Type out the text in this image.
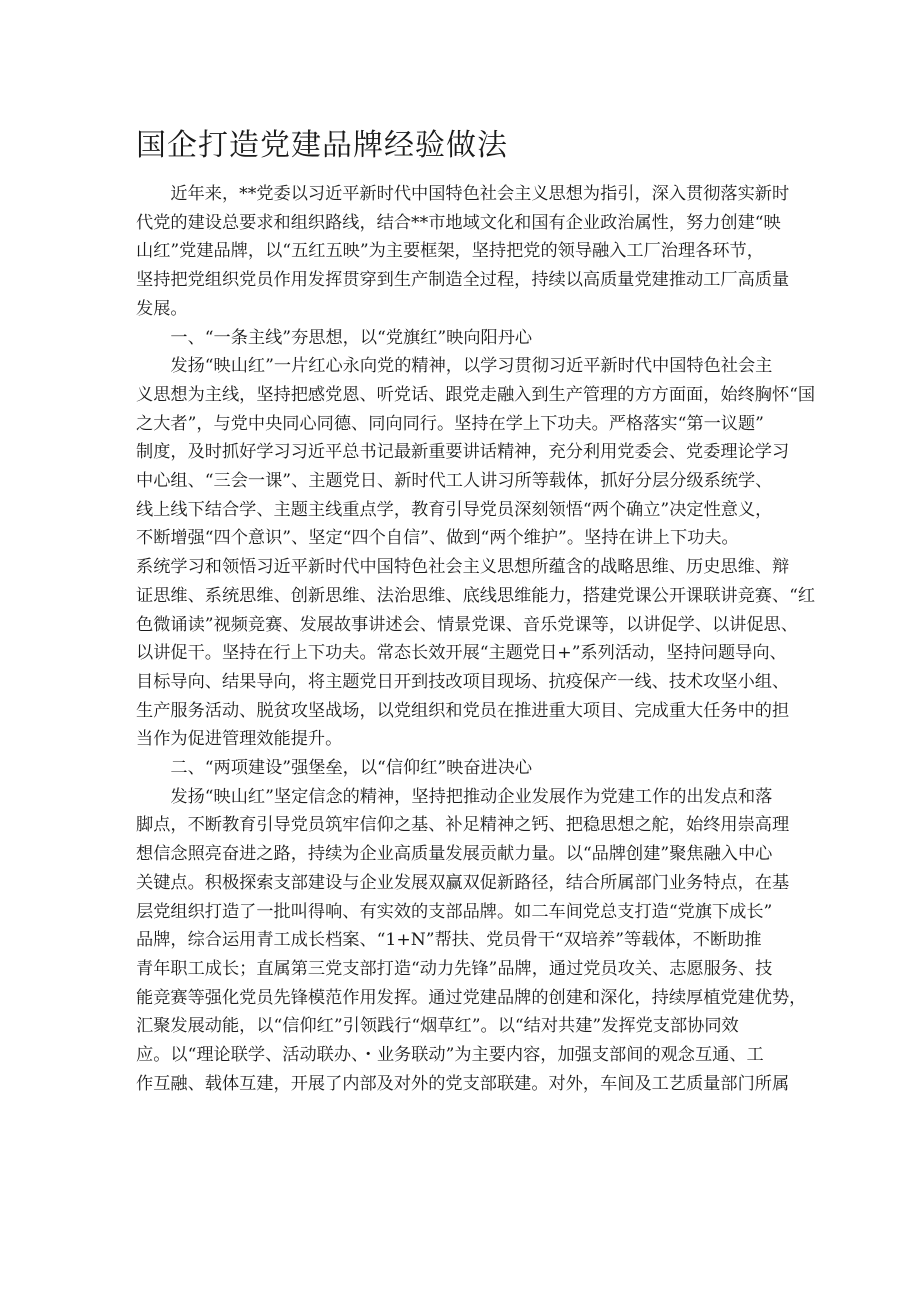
国企打造党建品牌经验做法

近年来，**党委以习近平新时代中国特色社会主义思想为指引，深入贯彻落实新时
代党的建设总要求和组织路线，结合**市地域文化和国有企业政治属性，努力创建“映
山红”党建品牌，以“五红五映”为主要框架，坚持把党的领导融入工厂治理各环节，
坚持把党组织党员作用发挥贯穿到生产制造全过程，持续以高质量党建推动工厂高质量
发展。

一、“一条主线”夯思想，以“党旗红”映向阳丹心

发扬“映山红”一片红心永向党的精神，以学习贯彻习近平新时代中国特色社会主
义思想为主线，坚持把感党恩、听党话、跟党走融入到生产管理的方方面面，始终胸怀“国
之大者”，与党中央同心同德、同向同行。坚持在学上下功夫。严格落实“第一议题”
制度，及时抓好学习习近平总书记最新重要讲话精神，充分利用党委会、党委理论学习
中心组、“三会一课”、主题党日、新时代工人讲习所等载体，抓好分层分级系统学、
线上线下结合学、主题主线重点学，教育引导党员深刻领悟“两个确立”决定性意义，
不断增强“四个意识”、坚定“四个自信”、做到“两个维护”。坚持在讲上下功夫。
系统学习和领悟习近平新时代中国特色社会主义思想所蕴含的战略思维、历史思维、辩
证思维、系统思维、创新思维、法治思维、底线思维能力，搭建党课公开课联讲竞赛、“红
色微诵读”视频竞赛、发展故事讲述会、情景党课、音乐党课等，以讲促学、以讲促思、
以讲促干。坚持在行上下功夫。常态长效开展“主题党日+”系列活动，坚持问题导向、
目标导向、结果导向，将主题党日开到技改项目现场、抗疫保产一线、技术攻坚小组、
生产服务活动、脱贫攻坚战场，以党组织和党员在推进重大项目、完成重大任务中的担
当作为促进管理效能提升。

二、“两项建设”强堡垒，以“信仰红”映奋进决心

发扬“映山红”坚定信念的精神，坚持把推动企业发展作为党建工作的出发点和落
脚点，不断教育引导党员筑牢信仰之基、补足精神之钙、把稳思想之舵，始终用崇高理
想信念照亮奋进之路，持续为企业高质量发展贡献力量。以“品牌创建”聚焦融入中心
关键点。积极探索支部建设与企业发展双赢双促新路径，结合所属部门业务特点，在基
层党组织打造了一批叫得响、有实效的支部品牌。如二车间党总支打造“党旗下成长”
品牌，综合运用青工成长档案、“1+N”帮扶、党员骨干“双培养”等载体，不断助推
青年职工成长；直属第三党支部打造“动力先锋”品牌，通过党员攻关、志愿服务、技
能竞赛等强化党员先锋模范作用发挥。通过党建品牌的创建和深化，持续厚植党建优势，
汇聚发展动能，以“信仰红”引领践行“烟草红”。以“结对共建”发挥党支部协同效
应。以“理论联学、活动联办、・业务联动”为主要内容，加强支部间的观念互通、工
作互融、载体互建，开展了内部及对外的党支部联建。对外，车间及工艺质量部门所属
